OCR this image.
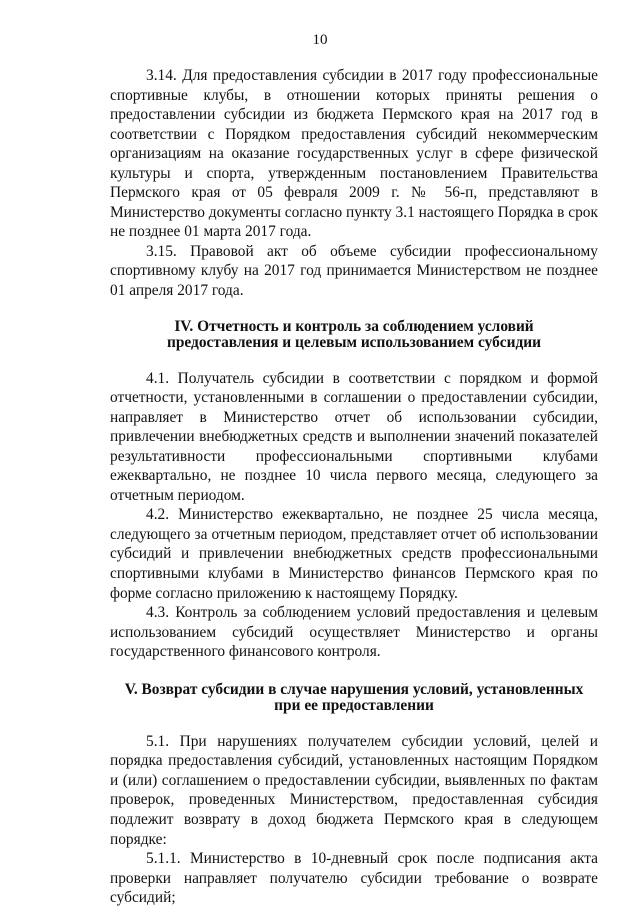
10

3.14. Для предоставления субсидии в 2017 году профессиональные спортивные клубы, в отношении которых приняты решения о предоставлении субсидии из бюджета Пермского края на 2017 год в соответствии с Порядком предоставления субсидий некоммерческим организациям на оказание государственных услуг в сфере физической культуры и спорта, утвержденным постановлением Правительства Пермского края от 05 февраля 2009 г. № 56-п, представляют в Министерство документы согласно пункту 3.1 настоящего Порядка в срок не позднее 01 марта 2017 года.

3.15. Правовой акт об объеме субсидии профессиональному спортивному клубу на 2017 год принимается Министерством не позднее 01 апреля 2017 года.

IV. Отчетность и контроль за соблюдением условий
предоставления и целевым использованием субсидии

4.1. Получатель субсидии в соответствии с порядком и формой отчетности, установленными в соглашении о предоставлении субсидии, направляет в Министерство отчет об использовании субсидии, привлечении внебюджетных средств и выполнении значений показателей результативности профессиональными спортивными клубами ежеквартально, не позднее 10 числа первого месяца, следующего за отчетным периодом.

4.2. Министерство ежеквартально, не позднее 25 числа месяца, следующего за отчетным периодом, представляет отчет об использовании субсидий и привлечении внебюджетных средств профессиональными спортивными клубами в Министерство финансов Пермского края по форме согласно приложению к настоящему Порядку.

4.3. Контроль за соблюдением условий предоставления и целевым использованием субсидий осуществляет Министерство и органы государственного финансового контроля.

V. Возврат субсидии в случае нарушения условий, установленных
при ее предоставлении

5.1. При нарушениях получателем субсидии условий, целей и порядка предоставления субсидий, установленных настоящим Порядком и (или) соглашением о предоставлении субсидии, выявленных по фактам проверок, проведенных Министерством, предоставленная субсидия подлежит возврату в доход бюджета Пермского края в следующем порядке:

5.1.1. Министерство в 10-дневный срок после подписания акта проверки направляет получателю субсидии требование о возврате субсидий;
